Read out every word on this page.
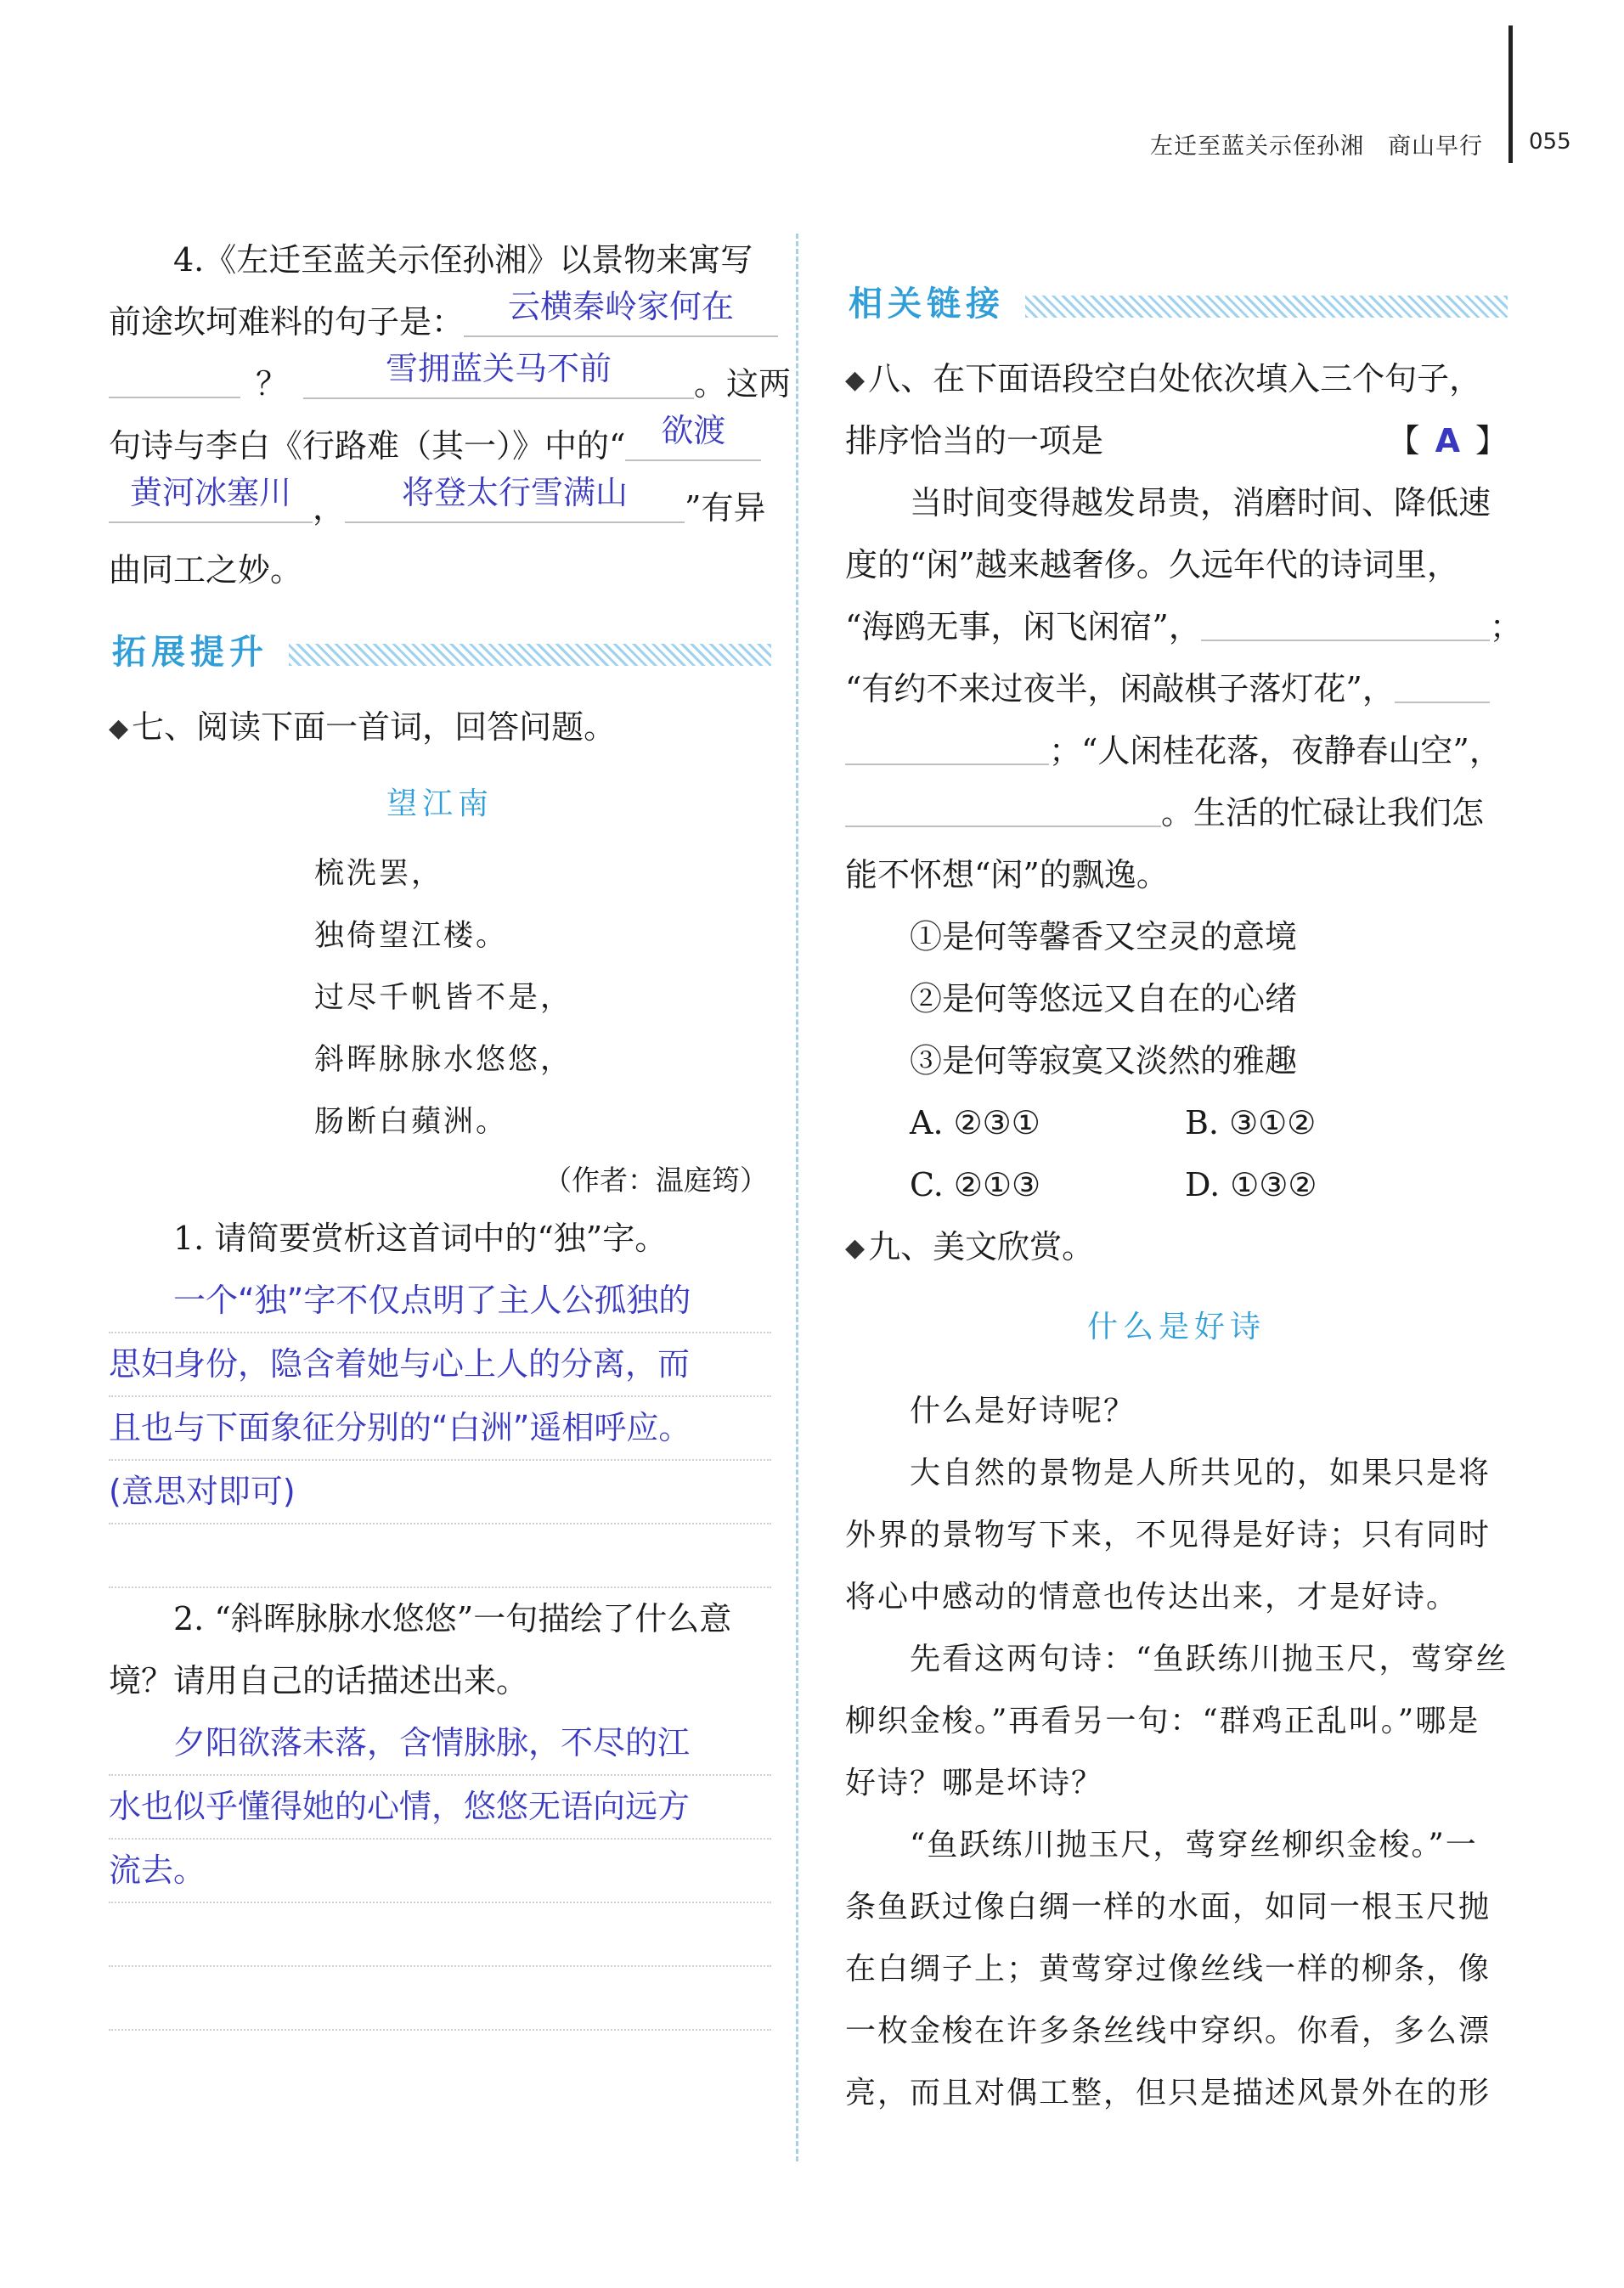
左迁至蓝关示侄孙湘　商山早行 055
4.《左迁至蓝关示侄孙湘》以景物来寓写
前途坎坷难料的句子是： 云横秦岭家何在
？	雪拥蓝关马不前	。这两
句诗与李白《行路难（其一）》中的“ 欲渡
黄河冰塞川 ， 将登太行雪满山 ”有异
曲同工之妙。
拓展提升
◆ 七、阅读下面一首词，回答问题。
望江南
梳洗罢，
独倚望江楼。
过尽千帆皆不是，
斜晖脉脉水悠悠，
肠断白蘋洲。
（作者：温庭筠）
1. 请简要赏析这首词中的“独”字。
一个“独”字不仅点明了主人公孤独的
思妇身份，隐含着她与心上人的分离，而
且也与下面象征分别的“白洲”遥相呼应。
(意思对即可)
2. “斜晖脉脉水悠悠”一句描绘了什么意
境？请用自己的话描述出来。
夕阳欲落未落，含情脉脉，不尽的江
水也似乎懂得她的心情，悠悠无语向远方
流去。
相关链接
◆ 八、在下面语段空白处依次填入三个句子，
排序恰当的一项是	【 A 】
当时间变得越发昂贵，消磨时间、降低速
度的“闲”越来越奢侈。久远年代的诗词里，
“海鸥无事，闲飞闲宿”，	；
“有约不来过夜半，闲敲棋子落灯花”，
；“人闲桂花落，夜静春山空”，
。生活的忙碌让我们怎
能不怀想“闲”的飘逸。
①是何等馨香又空灵的意境
②是何等悠远又自在的心绪
③是何等寂寞又淡然的雅趣
A. ②③①	B. ③①②
C. ②①③	D. ①③②
◆ 九、美文欣赏。
什么是好诗
什么是好诗呢？
大自然的景物是人所共见的，如果只是将
外界的景物写下来，不见得是好诗；只有同时
将心中感动的情意也传达出来，才是好诗。
先看这两句诗：“鱼跃练川抛玉尺，莺穿丝
柳织金梭。”再看另一句：“群鸡正乱叫。”哪是
好诗？哪是坏诗？
“鱼跃练川抛玉尺，莺穿丝柳织金梭。”一
条鱼跃过像白绸一样的水面，如同一根玉尺抛
在白绸子上；黄莺穿过像丝线一样的柳条，像
一枚金梭在许多条丝线中穿织。你看，多么漂
亮，而且对偶工整，但只是描述风景外在的形
